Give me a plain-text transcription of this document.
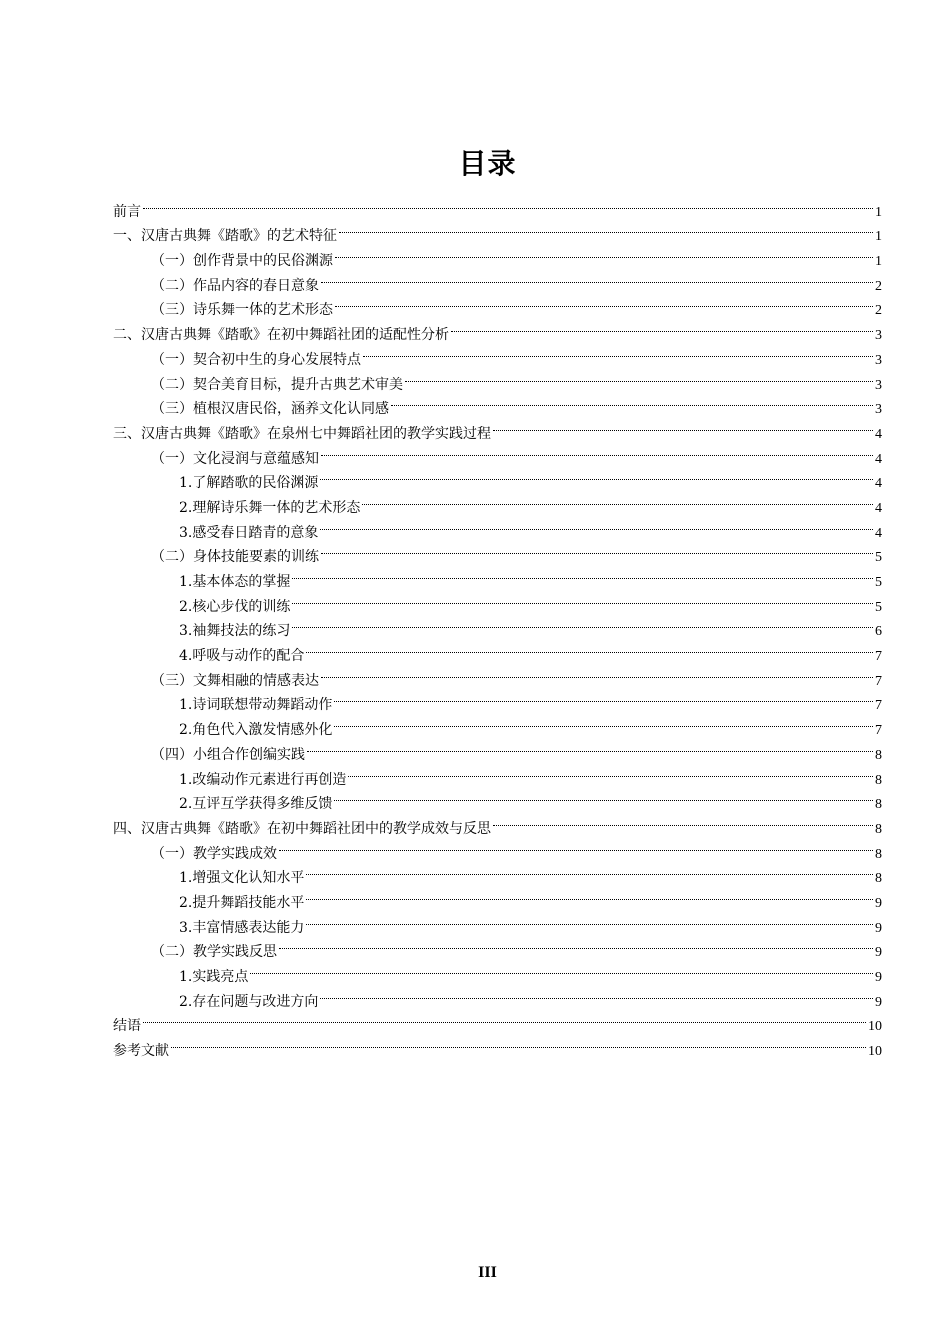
目录
前言	1
一、汉唐古典舞《踏歌》的艺术特征	1
（一）创作背景中的民俗渊源	1
（二）作品内容的春日意象	2
（三）诗乐舞一体的艺术形态	2
二、汉唐古典舞《踏歌》在初中舞蹈社团的适配性分析	3
（一）契合初中生的身心发展特点	3
（二）契合美育目标，提升古典艺术审美	3
（三）植根汉唐民俗，涵养文化认同感	3
三、汉唐古典舞《踏歌》在泉州七中舞蹈社团的教学实践过程	4
（一）文化浸润与意蕴感知	4
1.了解踏歌的民俗渊源	4
2.理解诗乐舞一体的艺术形态	4
3.感受春日踏青的意象	4
（二）身体技能要素的训练	5
1.基本体态的掌握	5
2.核心步伐的训练	5
3.袖舞技法的练习	6
4.呼吸与动作的配合	7
（三）文舞相融的情感表达	7
1.诗词联想带动舞蹈动作	7
2.角色代入激发情感外化	7
（四）小组合作创编实践	8
1.改编动作元素进行再创造	8
2.互评互学获得多维反馈	8
四、汉唐古典舞《踏歌》在初中舞蹈社团中的教学成效与反思	8
（一）教学实践成效	8
1.增强文化认知水平	8
2.提升舞蹈技能水平	9
3.丰富情感表达能力	9
（二）教学实践反思	9
1.实践亮点	9
2.存在问题与改进方向	9
结语	10
参考文献	10
III
